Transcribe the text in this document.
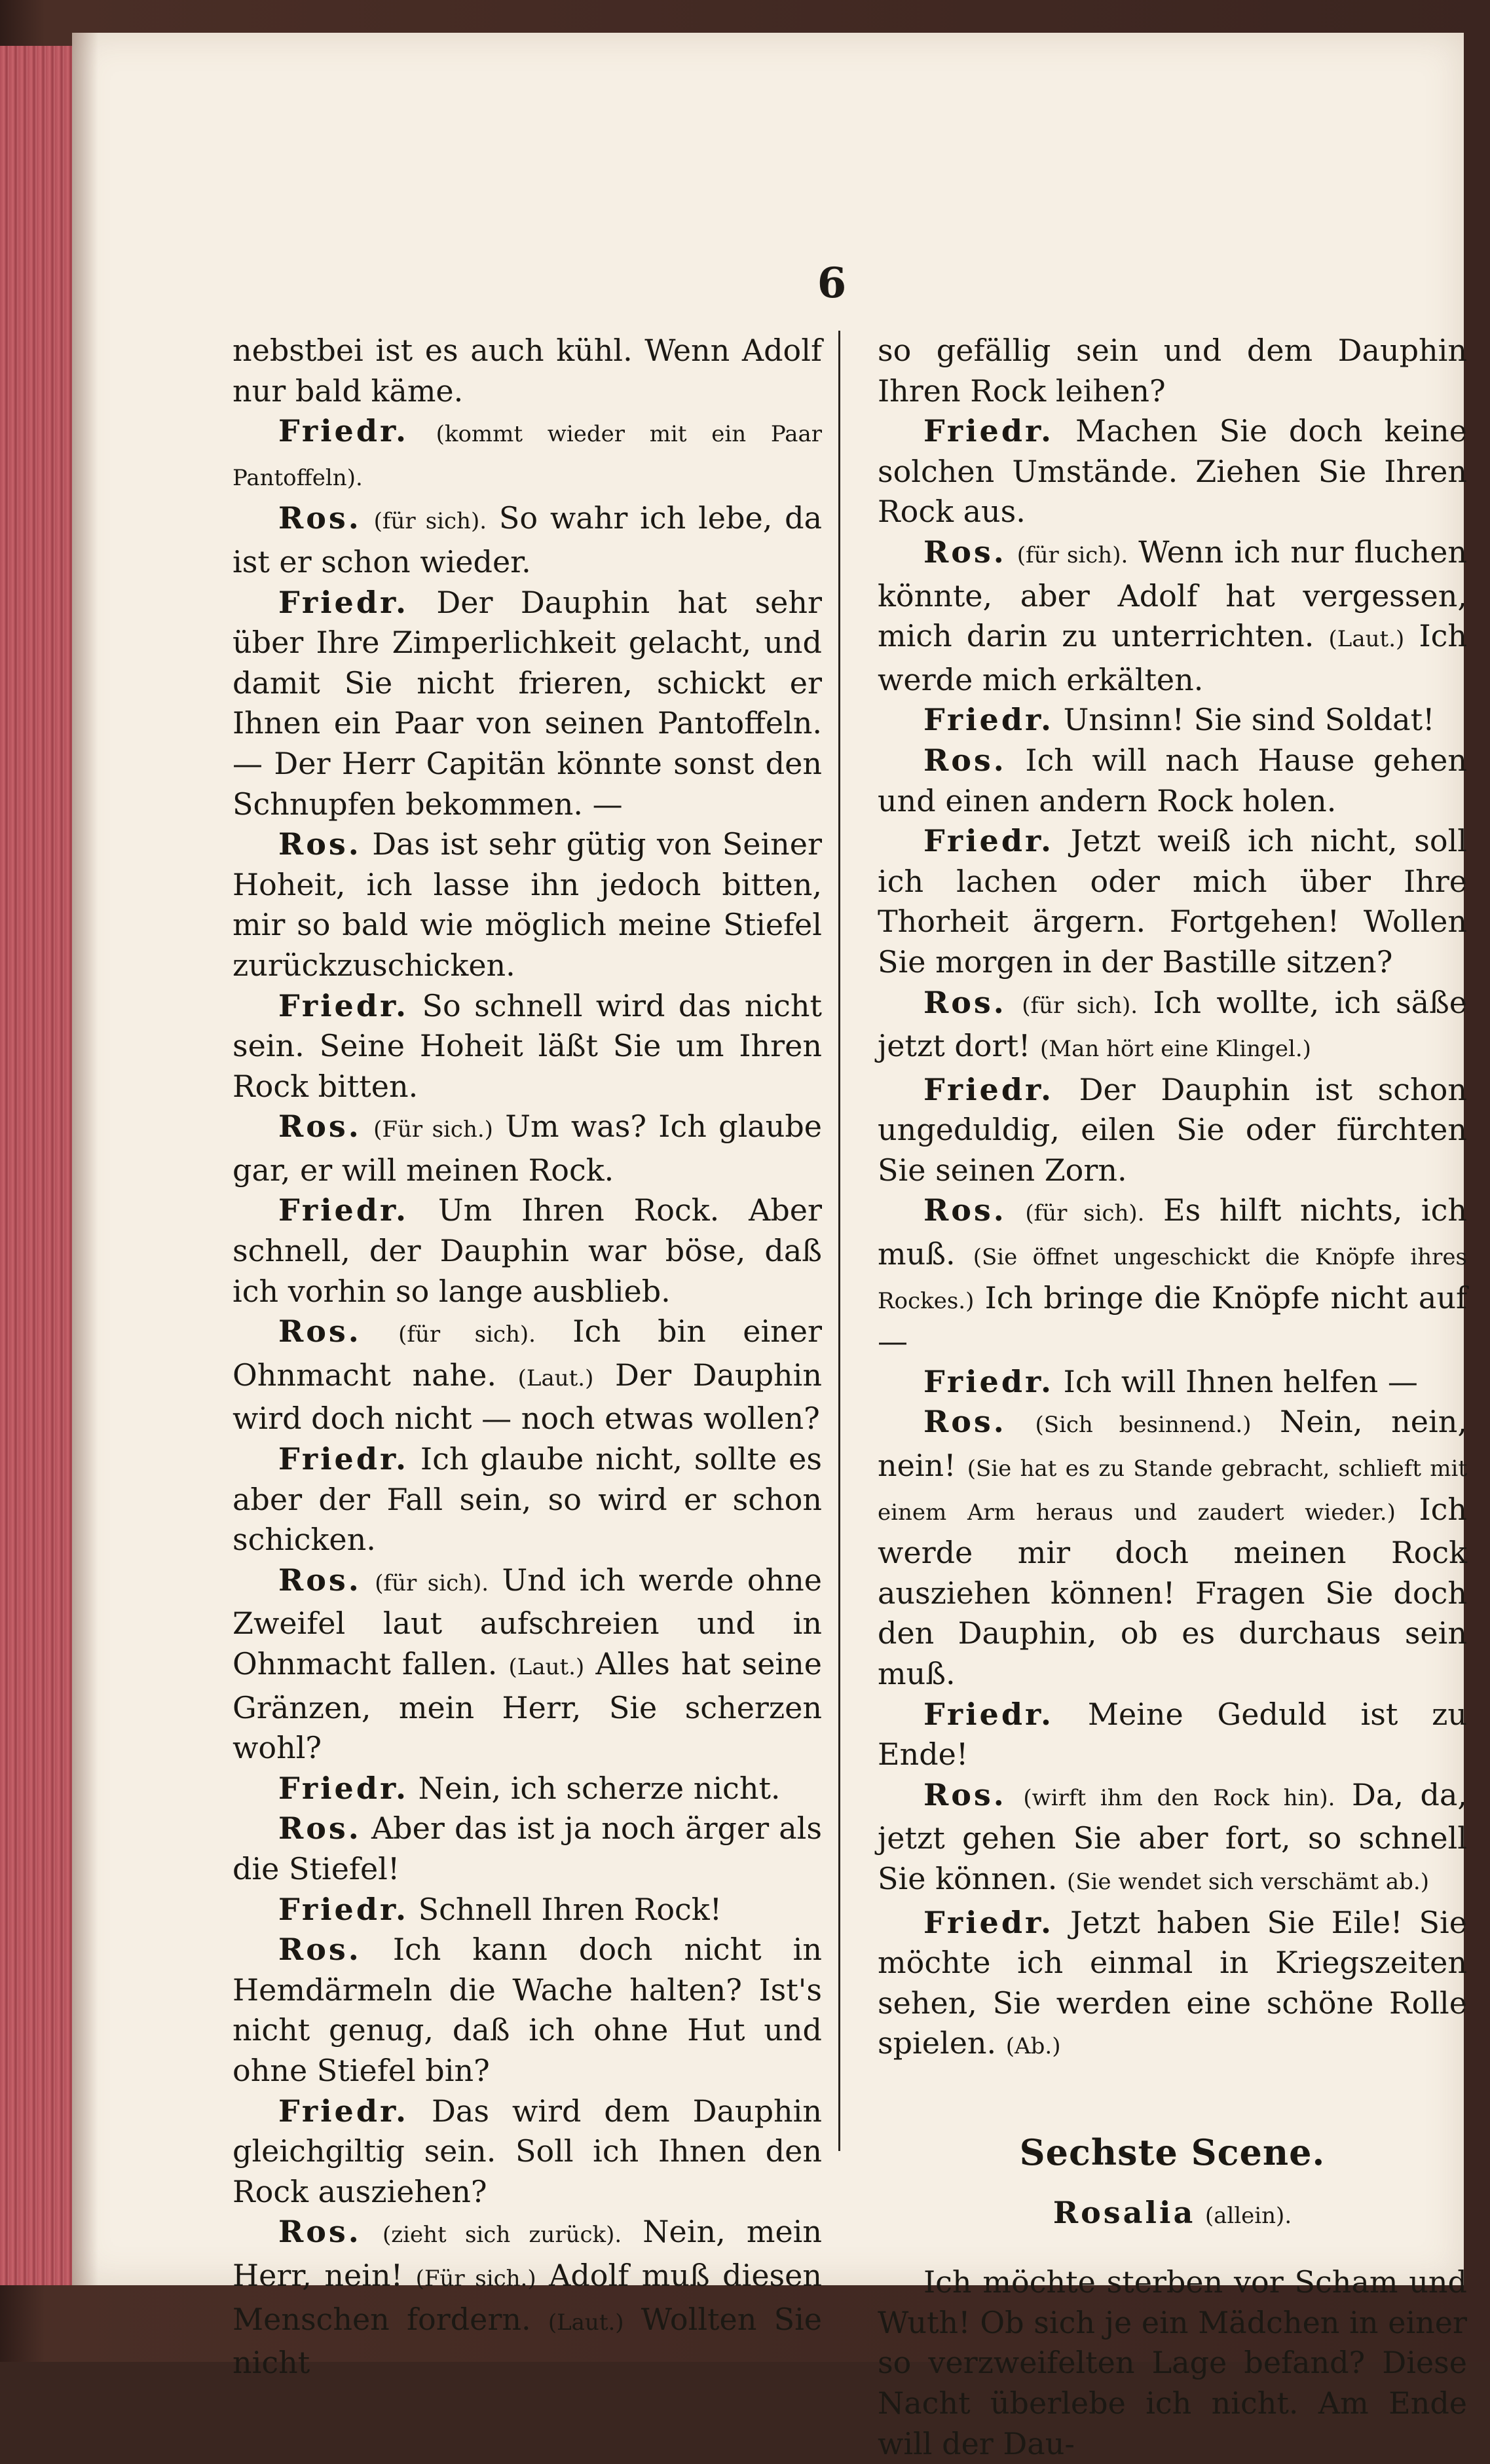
6

nebstbei ist es auch kühl. Wenn Adolf nur bald käme.

Friedr. (kommt wieder mit ein Paar Pantoffeln).

Ros. (für sich). So wahr ich lebe, da ist er schon wieder.

Friedr. Der Dauphin hat sehr über Ihre Zimperlichkeit gelacht, und damit Sie nicht frieren, schickt er Ihnen ein Paar von seinen Pantoffeln. — Der Herr Capitän könnte sonst den Schnupfen bekommen. —

Ros. Das ist sehr gütig von Seiner Hoheit, ich lasse ihn jedoch bitten, mir so bald wie möglich meine Stiefel zurückzuschicken.

Friedr. So schnell wird das nicht sein. Seine Hoheit läßt Sie um Ihren Rock bitten.

Ros. (Für sich.) Um was? Ich glaube gar, er will meinen Rock.

Friedr. Um Ihren Rock. Aber schnell, der Dauphin war böse, daß ich vorhin so lange ausblieb.

Ros. (für sich). Ich bin einer Ohnmacht nahe. (Laut.) Der Dauphin wird doch nicht — noch etwas wollen?

Friedr. Ich glaube nicht, sollte es aber der Fall sein, so wird er schon schicken.

Ros. (für sich). Und ich werde ohne Zweifel laut aufschreien und in Ohnmacht fallen. (Laut.) Alles hat seine Gränzen, mein Herr, Sie scherzen wohl?

Friedr. Nein, ich scherze nicht.

Ros. Aber das ist ja noch ärger als die Stiefel!

Friedr. Schnell Ihren Rock!

Ros. Ich kann doch nicht in Hemdärmeln die Wache halten? Ist's nicht genug, daß ich ohne Hut und ohne Stiefel bin?

Friedr. Das wird dem Dauphin gleichgiltig sein. Soll ich Ihnen den Rock ausziehen?

Ros. (zieht sich zurück). Nein, mein Herr, nein! (Für sich.) Adolf muß diesen Menschen fordern. (Laut.) Wollten Sie nicht

so gefällig sein und dem Dauphin Ihren Rock leihen?

Friedr. Machen Sie doch keine solchen Umstände. Ziehen Sie Ihren Rock aus.

Ros. (für sich). Wenn ich nur fluchen könnte, aber Adolf hat vergessen, mich darin zu unterrichten. (Laut.) Ich werde mich erkälten.

Friedr. Unsinn! Sie sind Soldat!

Ros. Ich will nach Hause gehen und einen andern Rock holen.

Friedr. Jetzt weiß ich nicht, soll ich lachen oder mich über Ihre Thorheit ärgern. Fortgehen! Wollen Sie morgen in der Bastille sitzen?

Ros. (für sich). Ich wollte, ich säße jetzt dort! (Man hört eine Klingel.)

Friedr. Der Dauphin ist schon ungeduldig, eilen Sie oder fürchten Sie seinen Zorn.

Ros. (für sich). Es hilft nichts, ich muß. (Sie öffnet ungeschickt die Knöpfe ihres Rockes.) Ich bringe die Knöpfe nicht auf —

Friedr. Ich will Ihnen helfen —

Ros. (Sich besinnend.) Nein, nein, nein! (Sie hat es zu Stande gebracht, schlieft mit einem Arm heraus und zaudert wieder.) Ich werde mir doch meinen Rock ausziehen können! Fragen Sie doch den Dauphin, ob es durchaus sein muß.

Friedr. Meine Geduld ist zu Ende!

Ros. (wirft ihm den Rock hin). Da, da, jetzt gehen Sie aber fort, so schnell Sie können. (Sie wendet sich verschämt ab.)

Friedr. Jetzt haben Sie Eile! Sie möchte ich einmal in Kriegszeiten sehen, Sie werden eine schöne Rolle spielen. (Ab.)

Sechste Scene.
Rosalia (allein).

Ich möchte sterben vor Scham und Wuth! Ob sich je ein Mädchen in einer so verzweifelten Lage befand? Diese Nacht überlebe ich nicht. Am Ende will der Dau-
